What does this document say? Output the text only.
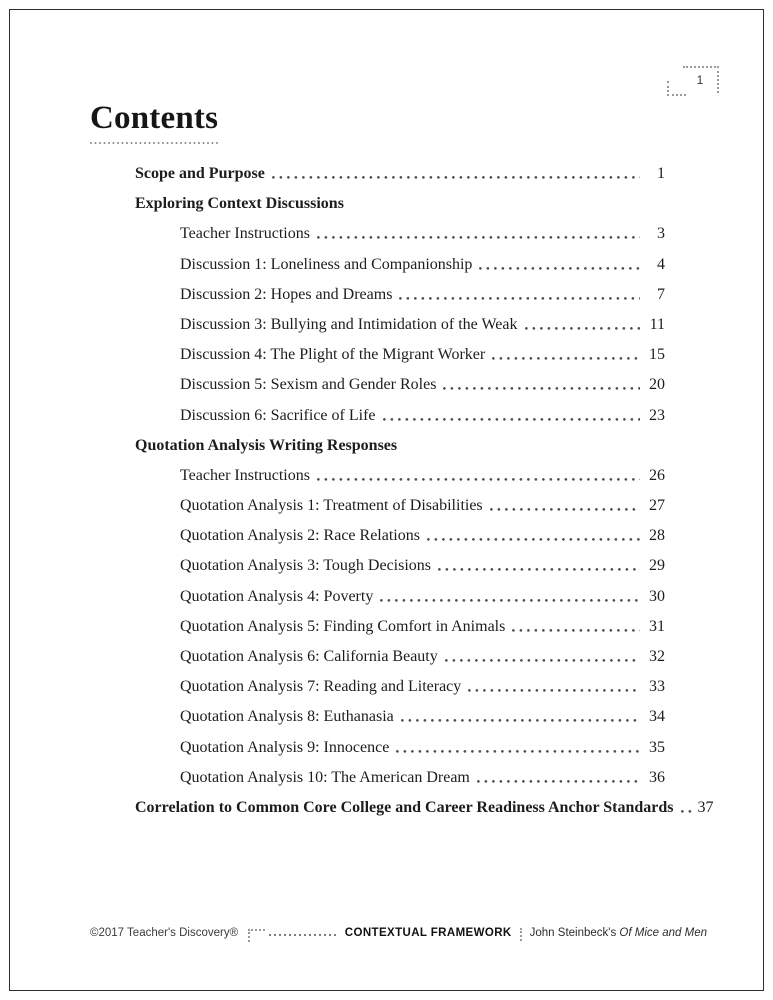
1
Contents
Scope and Purpose	1
Exploring Context Discussions
Teacher Instructions	3
Discussion 1: Loneliness and Companionship	4
Discussion 2: Hopes and Dreams	7
Discussion 3: Bullying and Intimidation of the Weak	11
Discussion 4: The Plight of the Migrant Worker	15
Discussion 5: Sexism and Gender Roles	20
Discussion 6: Sacrifice of Life	23
Quotation Analysis Writing Responses
Teacher Instructions	26
Quotation Analysis 1: Treatment of Disabilities	27
Quotation Analysis 2: Race Relations	28
Quotation Analysis 3: Tough Decisions	29
Quotation Analysis 4: Poverty	30
Quotation Analysis 5: Finding Comfort in Animals	31
Quotation Analysis 6: California Beauty	32
Quotation Analysis 7: Reading and Literacy	33
Quotation Analysis 8: Euthanasia	34
Quotation Analysis 9: Innocence	35
Quotation Analysis 10: The American Dream	36
Correlation to Common Core College and Career Readiness Anchor Standards 37
©2017 Teacher's Discovery®	CONTEXTUAL FRAMEWORK John Steinbeck's Of Mice and Men
